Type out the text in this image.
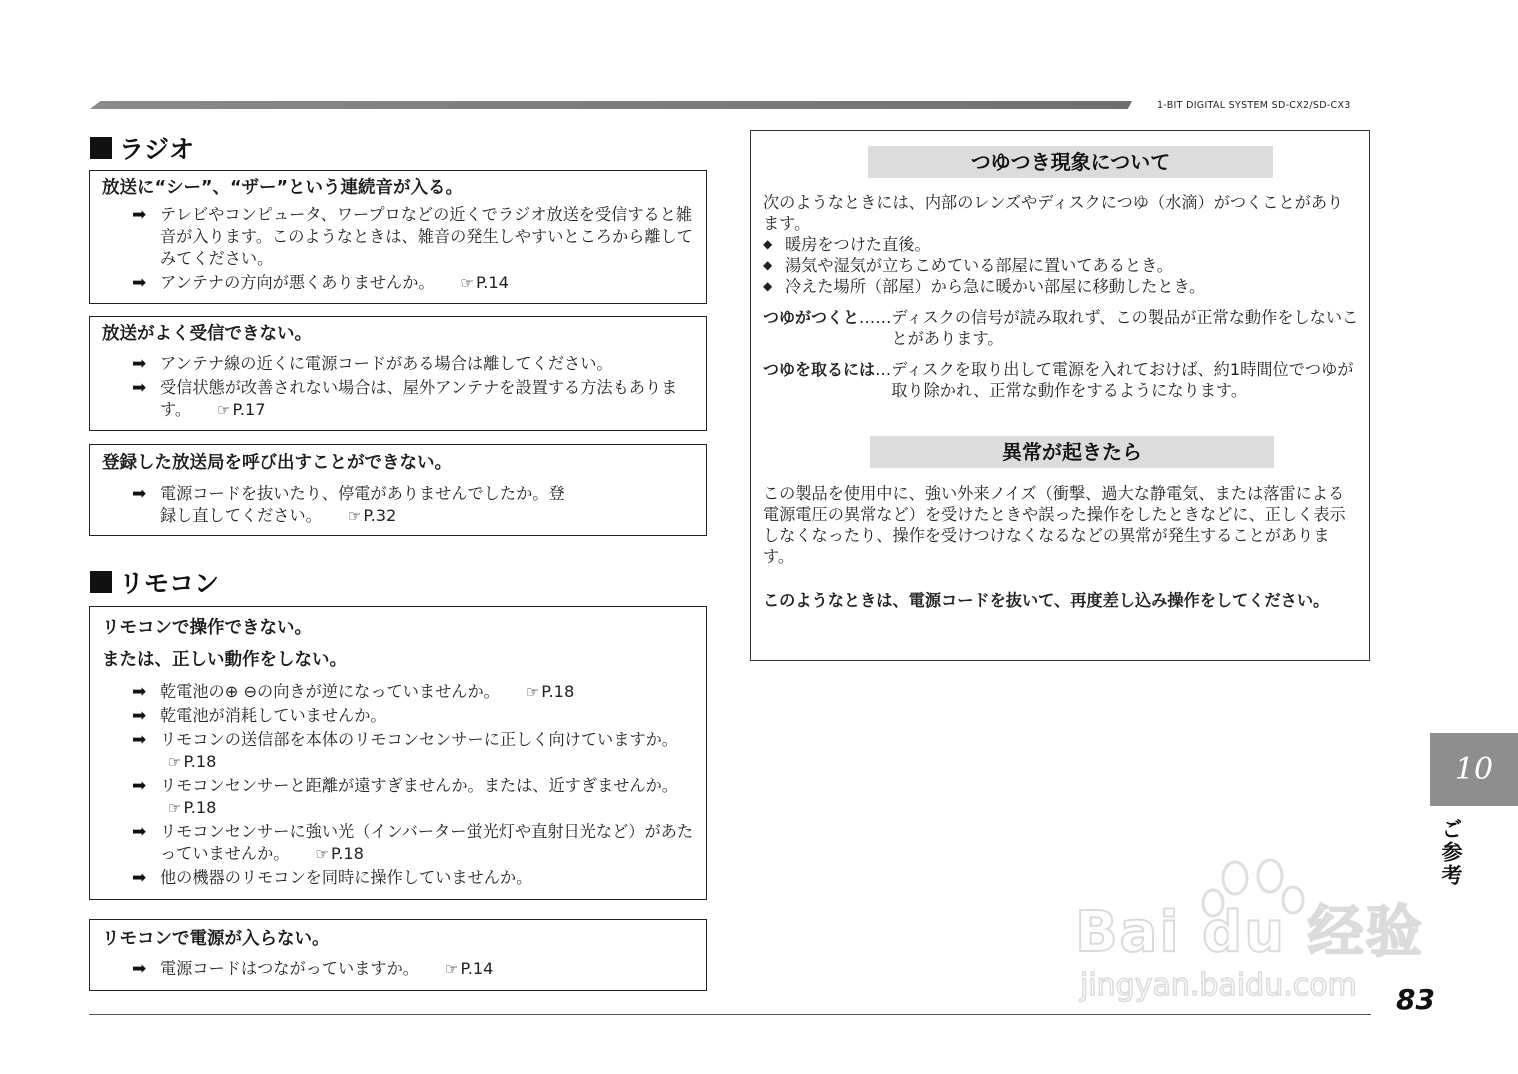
1-BIT DIGITAL SYSTEM SD-CX2/SD-CX3
ラジオ
放送に“シー”、“ザー”という連続音が入る。
➡ テレビやコンピュータ、ワープロなどの近くでラジオ放送を受信すると雑音が入ります。このようなときは、雑音の発生しやすいところから離してみてください。
➡ アンテナの方向が悪くありませんか。 ☞ P.14
放送がよく受信できない。
➡ アンテナ線の近くに電源コードがある場合は離してください。
➡ 受信状態が改善されない場合は、屋外アンテナを設置する方法もあります。 ☞ P.17
登録した放送局を呼び出すことができない。
➡ 電源コードを抜いたり、停電がありませんでしたか。登録し直してください。 ☞ P.32
リモコン
リモコンで操作できない。
または、正しい動作をしない。
➡ 乾電池の⊕ ⊖の向きが逆になっていませんか。 ☞ P.18
➡ 乾電池が消耗していませんか。
➡ リモコンの送信部を本体のリモコンセンサーに正しく向けていますか。☞ P.18
➡ リモコンセンサーと距離が遠すぎませんか。または、近すぎませんか。☞ P.18
➡ リモコンセンサーに強い光（インバーター蛍光灯や直射日光など）があたっていませんか。 ☞ P.18
➡ 他の機器のリモコンを同時に操作していませんか。
リモコンで電源が入らない。
➡ 電源コードはつながっていますか。 ☞ P.14
つゆつき現象について
次のようなときには、内部のレンズやディスクにつゆ（水滴）がつくことがあります。
◆ 暖房をつけた直後。
◆ 湯気や湿気が立ちこめている部屋に置いてあるとき。
◆ 冷えた場所（部屋）から急に暖かい部屋に移動したとき。
つゆがつくと …… ディスクの信号が読み取れず、この製品が正常な動作をしないことがあります。
つゆを取るには … ディスクを取り出して電源を入れておけば、約1時間位でつゆが取り除かれ、正常な動作をするようになります。
異常が起きたら
この製品を使用中に、強い外来ノイズ（衝撃、過大な静電気、または落雷による電源電圧の異常など）を受けたときや誤った操作をしたときなどに、正しく表示しなくなったり、操作を受けつけなくなるなどの異常が発生することがあります。
このようなときは、電源コードを抜いて、再度差し込み操作をしてください。
10
ご参考
Bai du 经验
jingyan.baidu.com 83
